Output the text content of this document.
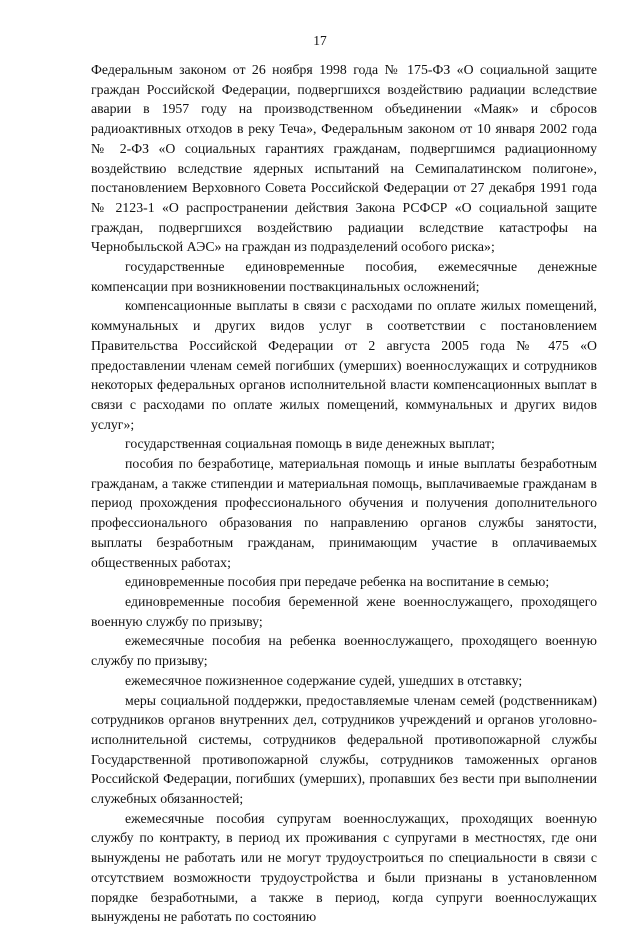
17

Федеральным законом от 26 ноября 1998 года № 175-ФЗ «О социальной защите граждан Российской Федерации, подвергшихся воздействию радиации вследствие аварии в 1957 году на производственном объединении «Маяк» и сбросов радиоактивных отходов в реку Теча», Федеральным законом от 10 января 2002 года № 2-ФЗ «О социальных гарантиях гражданам, подвергшимся радиационному воздействию вследствие ядерных испытаний на Семипалатинском полигоне», постановлением Верховного Совета Российской Федерации от 27 декабря 1991 года № 2123-1 «О распространении действия Закона РСФСР «О социальной защите граждан, подвергшихся воздействию радиации вследствие катастрофы на Чернобыльской АЭС» на граждан из подразделений особого риска»;

государственные единовременные пособия, ежемесячные денежные компенсации при возникновении поствакцинальных осложнений;

компенсационные выплаты в связи с расходами по оплате жилых помещений, коммунальных и других видов услуг в соответствии с постановлением Правительства Российской Федерации от 2 августа 2005 года № 475 «О предоставлении членам семей погибших (умерших) военнослужащих и сотрудников некоторых федеральных органов исполнительной власти компенсационных выплат в связи с расходами по оплате жилых помещений, коммунальных и других видов услуг»;

государственная социальная помощь в виде денежных выплат;

пособия по безработице, материальная помощь и иные выплаты безработным гражданам, а также стипендии и материальная помощь, выплачиваемые гражданам в период прохождения профессионального обучения и получения дополнительного профессионального образования по направлению органов службы занятости, выплаты безработным гражданам, принимающим участие в оплачиваемых общественных работах;

единовременные пособия при передаче ребенка на воспитание в семью;

единовременные пособия беременной жене военнослужащего, проходящего военную службу по призыву;

ежемесячные пособия на ребенка военнослужащего, проходящего военную службу по призыву;

ежемесячное пожизненное содержание судей, ушедших в отставку;

меры социальной поддержки, предоставляемые членам семей (родственникам) сотрудников органов внутренних дел, сотрудников учреждений и органов уголовно-исполнительной системы, сотрудников федеральной противопожарной службы Государственной противопожарной службы, сотрудников таможенных органов Российской Федерации, погибших (умерших), пропавших без вести при выполнении служебных обязанностей;

ежемесячные пособия супругам военнослужащих, проходящих военную службу по контракту, в период их проживания с супругами в местностях, где они вынуждены не работать или не могут трудоустроиться по специальности в связи с отсутствием возможности трудоустройства и были признаны в установленном порядке безработными, а также в период, когда супруги военнослужащих вынуждены не работать по состоянию
